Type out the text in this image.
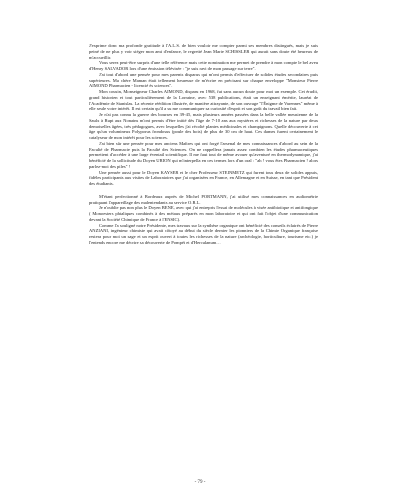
J'exprime donc ma profonde gratitude à l'A.L.S. de bien vouloir me compter parmi ses membres distingués, mais je suis peiné de ne plus y voir siéger mon ami d'enfance, le regretté Jean Marie SCHISSLER qui aurait sans doute été heureux de m'accueillir.

Vous serez peut-être surpris d'une telle référence mais cette nomination me permet de prendre à mon compte le bel aveu d'Henry SALVADOR lors d'une émission télévisée : "je suis ravi de mon passage sur terre".

J'ai tout d'abord une pensée pour mes parents disparus qui m'ont permis d'effectuer de solides études secondaires puis supérieures. Ma chère Maman était tellement heureuse de m'écrire en précisant sur chaque enveloppe "Monsieur Pierre AIMOND Pharmacien - licencié ès sciences".

Mon cousin, Monseigneur Charles AIMOND, disparu en 1968, fut sans aucun doute pour moi un exemple. Cet érudit, grand historien et tout particulièrement de la Lorraine, avec 538 publications, était un enseignant émérite, lauréat de l'Académie de Stanislas. La récente réédition illustrée, de manière attrayante, de son ouvrage "l'Énigme de Varennes" même à elle seule votre intérêt. Il est certain qu'il a su me communiquer sa curiosité d'esprit et son goût du travail bien fait.

Je n'ai pas connu la guerre des bourses en 39-45, mais plusieurs années passées dans la belle vallée meusienne de la Saulx à Rupt aux Nonains m'ont permis d'être initié dès l'âge de 7-10 ans aux mystères et richesses de la nature par deux demoiselles âgées, très pédagogues, avec lesquelles j'ai récolté plantes médicinales et champignons. Quelle découverte à cet âge qu'un volumineux Polyporus frondosus (poule des bois) de plus de 30 cm de haut. Ces dames furent certainement le catalyseur de mon intérêt pour les sciences.

J'ai bien sûr une pensée pour mes anciens Maîtres qui ont forgé l'arsenal de mes connaissances d'abord au sein de la Faculté de Pharmacie puis la Faculté des Sciences. On ne rappellera jamais assez combien les études pharmaceutiques permettent d'accéder à une large éventail scientifique. Il me faut tout de même avouer qu'aventuré en thermodynamique, j'ai bénéficié de la sollicitude du Doyen URION qui m'interpella en ces termes lors d'un oral : "ah ! vous êtes Pharmacien ! alors parlez-moi des piles" !

Une pensée aussi pour le Doyen KAYSER et le cher Professeur STEINMETZ qui furent tous deux de solides appuis, fidèles participants aux visites de Laboratoires que j'ai organisées en France, en Allemagne et en Suisse, en tant que Président des étudiants.

M'étant perfectionné à Bordeaux auprès de Michel PORTMANN, j'ai utilisé mes connaissances en audiométrie pratiquant l'appareillage des malentendants au service O.R.L.

Je n'oublie pas non plus le Doyen BENE, avec qui j'ai entrepris l'essai de molécules à visée antibiotique et antifongique ( Monoesters phtaliques combinés à des métaux préparés en mon laboratoire et qui ont fait l'objet d'une communication devant la Société Chimique de France à l'ENSIC).

Comme l'a souligné notre Présidente, mes travaux sur la synthèse organique ont bénéficié des conseils éclairés de Pierre ANZIANI, ingénieur chimiste qui avait côtoyé au début du siècle dernier les pionniers de la Chimie Organique française restera pour moi un sage et un esprit ouvert à toutes les richesses de la nature (archéologie, horticulture, tourisme etc.) je l'entends encore me décrire sa découverte de Pompéi et d'Herculanum…

- 79 -
